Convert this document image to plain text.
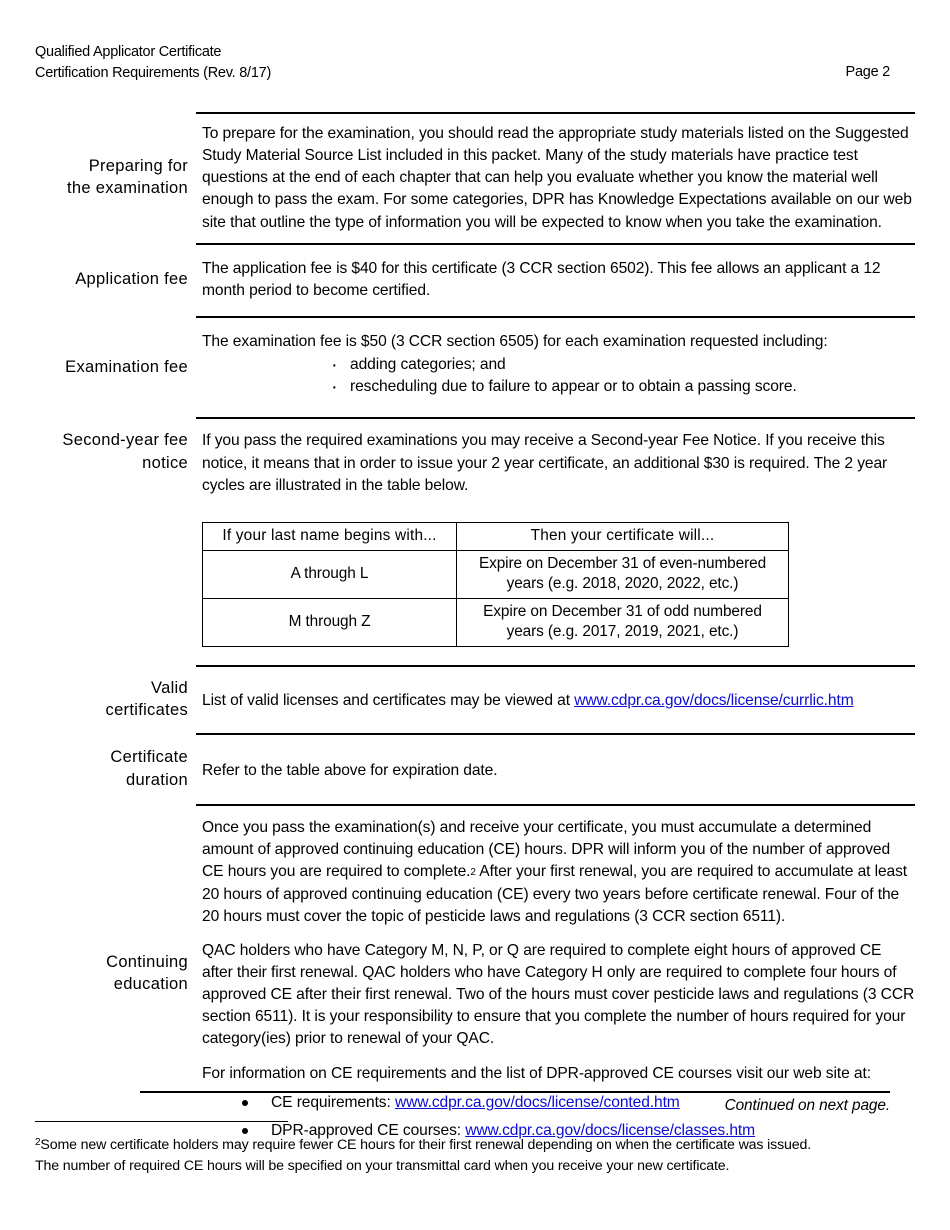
Qualified Applicator Certificate
Certification Requirements (Rev. 8/17)	Page 2
Preparing for
the examination

To prepare for the examination, you should read the appropriate study materials listed on the Suggested Study Material Source List included in this packet. Many of the study materials have practice test questions at the end of each chapter that can help you evaluate whether you know the material well enough to pass the exam. For some categories, DPR has Knowledge Expectations available on our web site that outline the type of information you will be expected to know when you take the examination.

Application fee

The application fee is $40 for this certificate (3 CCR section 6502). This fee allows an applicant a 12 month period to become certified.

Examination fee

The examination fee is $50 (3 CCR section 6505) for each examination requested including:

· adding categories; and
· rescheduling due to failure to appear or to obtain a passing score.
Second-year fee
notice

If you pass the required examinations you may receive a Second-year Fee Notice. If you receive this notice, it means that in order to issue your 2 year certificate, an additional $30 is required. The 2 year cycles are illustrated in the table below.

If your last name begins with...	Then your certificate will...
A through L	Expire on December 31 of even-numbered
years (e.g. 2018, 2020, 2022, etc.)

M through Z	Expire on December 31 of odd numbered
years (e.g. 2017, 2019, 2021, etc.)
Valid
certificates

List of valid licenses and certificates may be viewed at www.cdpr.ca.gov/docs/license/currlic.htm

Certificate
duration

Refer to the table above for expiration date.

Continuing
education

Once you pass the examination(s) and receive your certificate, you must accumulate a determined amount of approved continuing education (CE) hours. DPR will inform you of the number of approved CE hours you are required to complete.$^2$ After your first renewal, you are required to accumulate at least 20 hours of approved continuing education (CE) every two years before certificate renewal. Four of the 20 hours must cover the topic of pesticide laws and regulations (3 CCR section 6511).

QAC holders who have Category M, N, P, or Q are required to complete eight hours of approved CE after their first renewal. QAC holders who have Category H only are required to complete four hours of approved CE after their first renewal. Two of the hours must cover pesticide laws and regulations (3 CCR section 6511). It is your responsibility to ensure that you complete the number of hours required for your category(ies) prior to renewal of your QAC.

For information on CE requirements and the list of DPR-approved CE courses visit our web site at:

CE requirements: www.cdpr.ca.gov/docs/license/conted.htm
DPR-approved CE courses: www.cdpr.ca.gov/docs/license/classes.htm
Continued on next page.
$^2$Some new certificate holders may require fewer CE hours for their first renewal depending on when the certificate was issued.
The number of required CE hours will be specified on your transmittal card when you receive your new certificate.
